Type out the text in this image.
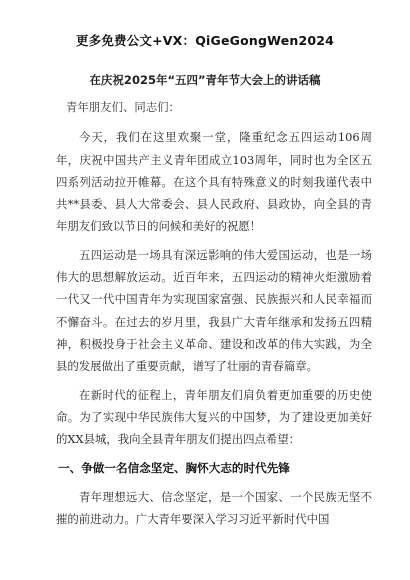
更多免费公文+VX：QiGeGongWen2024
在庆祝2025年“五四”青年节大会上的讲话稿

青年朋友们、同志们：

今天，我们在这里欢聚一堂，隆重纪念五四运动106周年，庆祝中国共产主义青年团成立103周年，同时也为全区五四系列活动拉开帷幕。在这个具有特殊意义的时刻我谨代表中共**县委、县人大常委会、县人民政府、县政协，向全县的青年朋友们致以节日的问候和美好的祝愿！

五四运动是一场具有深远影响的伟大爱国运动，也是一场伟大的思想解放运动。近百年来，五四运动的精神火炬激励着一代又一代中国青年为实现国家富强、民族振兴和人民幸福而不懈奋斗。在过去的岁月里，我县广大青年继承和发扬五四精神，积极投身于社会主义革命、建设和改革的伟大实践，为全县的发展做出了重要贡献，谱写了壮丽的青春篇章。

在新时代的征程上，青年朋友们肩负着更加重要的历史使命。为了实现中华民族伟大复兴的中国梦，为了建设更加美好的XX县城，我向全县青年朋友们提出四点希望：

一、争做一名信念坚定、胸怀大志的时代先锋

青年理想远大、信念坚定，是一个国家、一个民族无坚不摧的前进动力。广大青年要深入学习习近平新时代中国
